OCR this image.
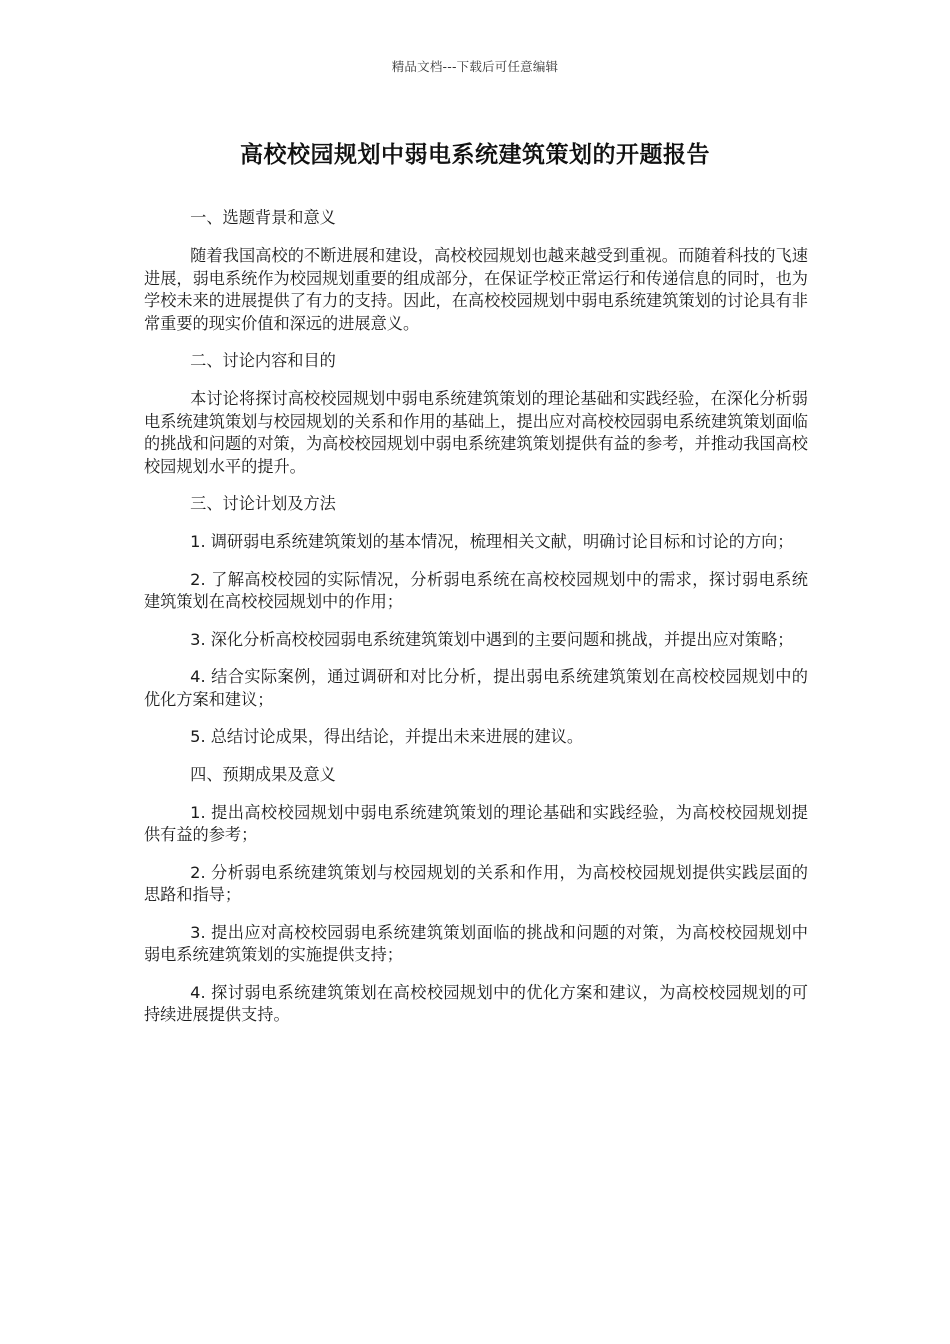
精品文档---下载后可任意编辑
高校校园规划中弱电系统建筑策划的开题报告

一、选题背景和意义

随着我国高校的不断进展和建设，高校校园规划也越来越受到重视。而随着科技的飞速进展，弱电系统作为校园规划重要的组成部分，在保证学校正常运行和传递信息的同时，也为学校未来的进展提供了有力的支持。因此，在高校校园规划中弱电系统建筑策划的讨论具有非常重要的现实价值和深远的进展意义。

二、讨论内容和目的

本讨论将探讨高校校园规划中弱电系统建筑策划的理论基础和实践经验，在深化分析弱电系统建筑策划与校园规划的关系和作用的基础上，提出应对高校校园弱电系统建筑策划面临的挑战和问题的对策，为高校校园规划中弱电系统建筑策划提供有益的参考，并推动我国高校校园规划水平的提升。

三、讨论计划及方法

1. 调研弱电系统建筑策划的基本情况，梳理相关文献，明确讨论目标和讨论的方向；

2. 了解高校校园的实际情况，分析弱电系统在高校校园规划中的需求，探讨弱电系统建筑策划在高校校园规划中的作用；

3. 深化分析高校校园弱电系统建筑策划中遇到的主要问题和挑战，并提出应对策略；

4. 结合实际案例，通过调研和对比分析，提出弱电系统建筑策划在高校校园规划中的优化方案和建议；

5. 总结讨论成果，得出结论，并提出未来进展的建议。

四、预期成果及意义

1. 提出高校校园规划中弱电系统建筑策划的理论基础和实践经验，为高校校园规划提供有益的参考；

2. 分析弱电系统建筑策划与校园规划的关系和作用，为高校校园规划提供实践层面的思路和指导；

3. 提出应对高校校园弱电系统建筑策划面临的挑战和问题的对策，为高校校园规划中弱电系统建筑策划的实施提供支持；

4. 探讨弱电系统建筑策划在高校校园规划中的优化方案和建议，为高校校园规划的可持续进展提供支持。
